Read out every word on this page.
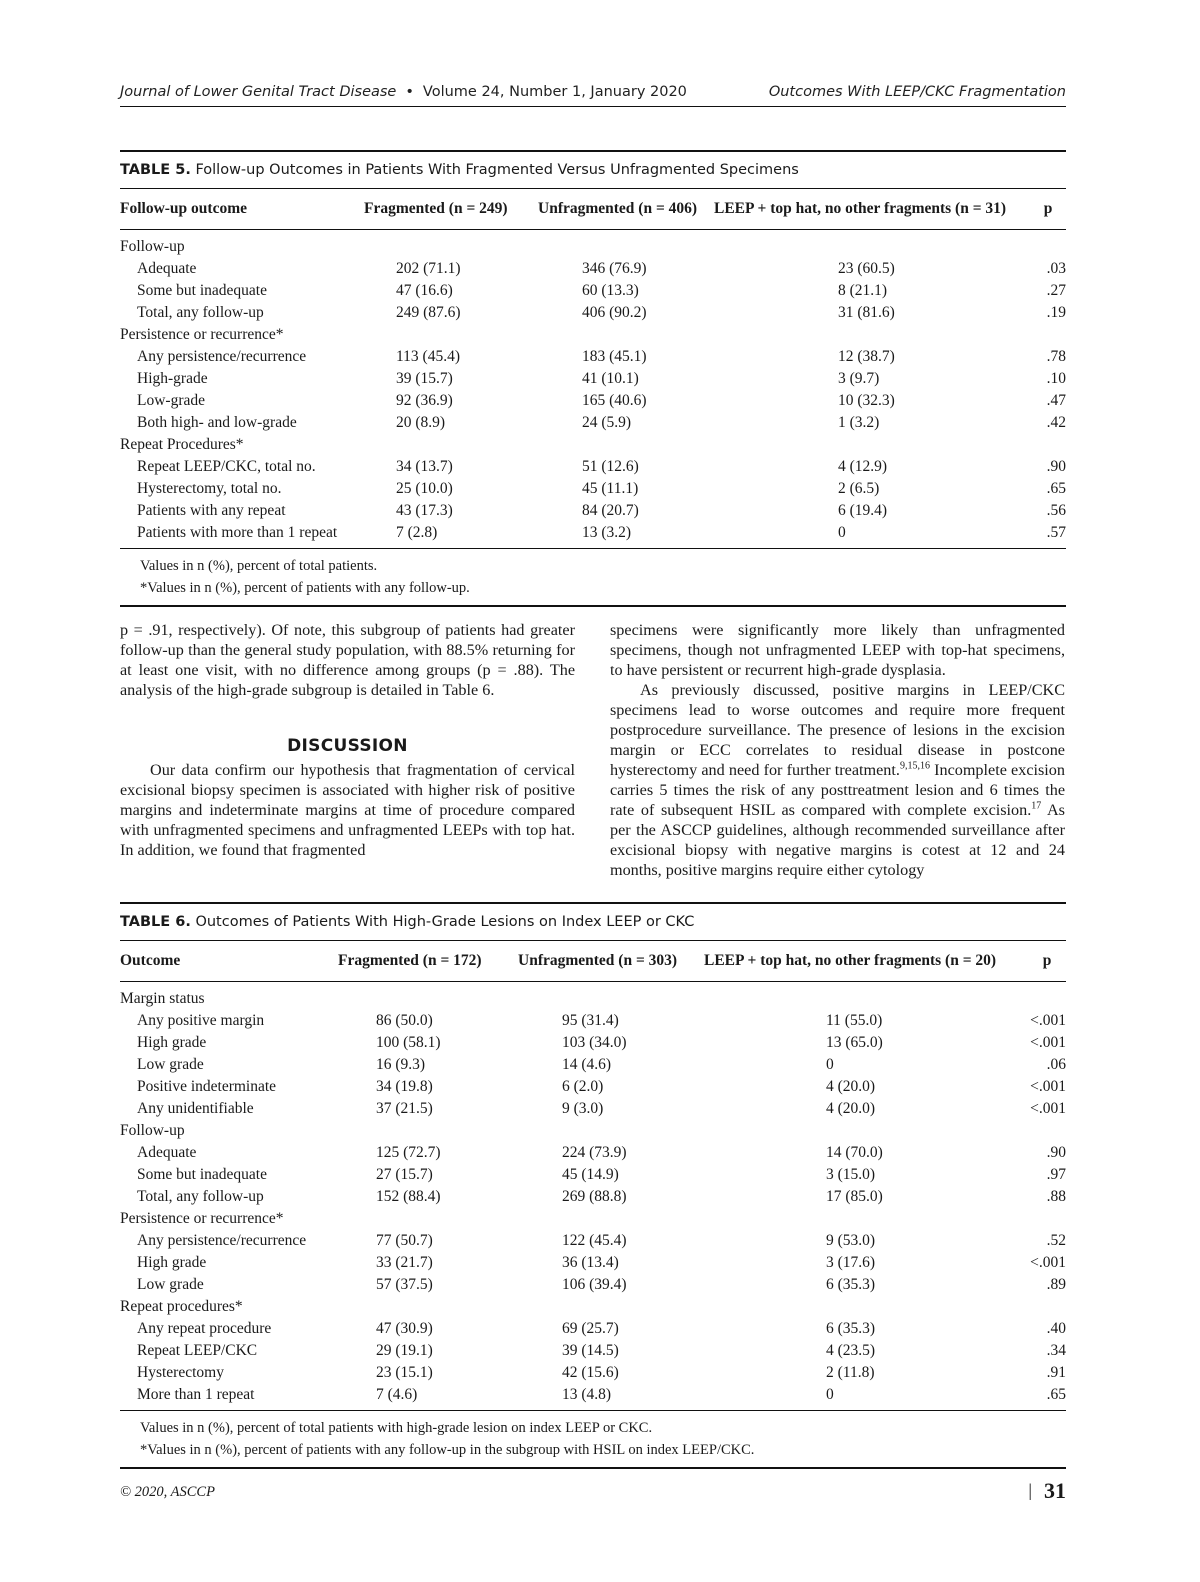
Journal of Lower Genital Tract Disease • Volume 24, Number 1, January 2020	Outcomes With LEEP/CKC Fragmentation
TABLE 5. Follow-up Outcomes in Patients With Fragmented Versus Unfragmented Specimens
Follow-up outcome	Fragmented (n = 249)	Unfragmented (n = 406)	LEEP + top hat, no other fragments (n = 31)	p
Follow-up				
Adequate	202 (71.1)	346 (76.9)	23 (60.5)	.03
Some but inadequate	47 (16.6)	60 (13.3)	8 (21.1)	.27
Total, any follow-up	249 (87.6)	406 (90.2)	31 (81.6)	.19
Persistence or recurrence*				
Any persistence/recurrence	113 (45.4)	183 (45.1)	12 (38.7)	.78
High-grade	39 (15.7)	41 (10.1)	3 (9.7)	.10
Low-grade	92 (36.9)	165 (40.6)	10 (32.3)	.47
Both high- and low-grade	20 (8.9)	24 (5.9)	1 (3.2)	.42
Repeat Procedures*				
Repeat LEEP/CKC, total no.	34 (13.7)	51 (12.6)	4 (12.9)	.90
Hysterectomy, total no.	25 (10.0)	45 (11.1)	2 (6.5)	.65
Patients with any repeat	43 (17.3)	84 (20.7)	6 (19.4)	.56
Patients with more than 1 repeat	7 (2.8)	13 (3.2)	0	.57
Values in n (%), percent of total patients.
*Values in n (%), percent of patients with any follow-up.

p = .91, respectively). Of note, this subgroup of patients had greater follow-up than the general study population, with 88.5% returning for at least one visit, with no difference among groups (p = .88). The analysis of the high-grade subgroup is detailed in Table 6.

DISCUSSION

Our data confirm our hypothesis that fragmentation of cervical excisional biopsy specimen is associated with higher risk of positive margins and indeterminate margins at time of procedure compared with unfragmented specimens and unfragmented LEEPs with top hat. In addition, we found that fragmented

specimens were significantly more likely than unfragmented specimens, though not unfragmented LEEP with top-hat specimens, to have persistent or recurrent high-grade dysplasia.

As previously discussed, positive margins in LEEP/CKC specimens lead to worse outcomes and require more frequent postprocedure surveillance. The presence of lesions in the excision margin or ECC correlates to residual disease in postcone hysterectomy and need for further treatment.$^{9,15,16}$ Incomplete excision carries 5 times the risk of any posttreatment lesion and 6 times the rate of subsequent HSIL as compared with complete excision.$^{17}$ As per the ASCCP guidelines, although recommended surveillance after excisional biopsy with negative margins is cotest at 12 and 24 months, positive margins require either cytology

TABLE 6. Outcomes of Patients With High-Grade Lesions on Index LEEP or CKC
Outcome	Fragmented (n = 172)	Unfragmented (n = 303)	LEEP + top hat, no other fragments (n = 20)	p
Margin status				
Any positive margin	86 (50.0)	95 (31.4)	11 (55.0)	<.001
High grade	100 (58.1)	103 (34.0)	13 (65.0)	<.001
Low grade	16 (9.3)	14 (4.6)	0	.06
Positive indeterminate	34 (19.8)	6 (2.0)	4 (20.0)	<.001
Any unidentifiable	37 (21.5)	9 (3.0)	4 (20.0)	<.001
Follow-up				
Adequate	125 (72.7)	224 (73.9)	14 (70.0)	.90
Some but inadequate	27 (15.7)	45 (14.9)	3 (15.0)	.97
Total, any follow-up	152 (88.4)	269 (88.8)	17 (85.0)	.88
Persistence or recurrence*				
Any persistence/recurrence	77 (50.7)	122 (45.4)	9 (53.0)	.52
High grade	33 (21.7)	36 (13.4)	3 (17.6)	<.001
Low grade	57 (37.5)	106 (39.4)	6 (35.3)	.89
Repeat procedures*				
Any repeat procedure	47 (30.9)	69 (25.7)	6 (35.3)	.40
Repeat LEEP/CKC	29 (19.1)	39 (14.5)	4 (23.5)	.34
Hysterectomy	23 (15.1)	42 (15.6)	2 (11.8)	.91
More than 1 repeat	7 (4.6)	13 (4.8)	0	.65
Values in n (%), percent of total patients with high-grade lesion on index LEEP or CKC.
*Values in n (%), percent of patients with any follow-up in the subgroup with HSIL on index LEEP/CKC.
© 2020, ASCCP	| 31
